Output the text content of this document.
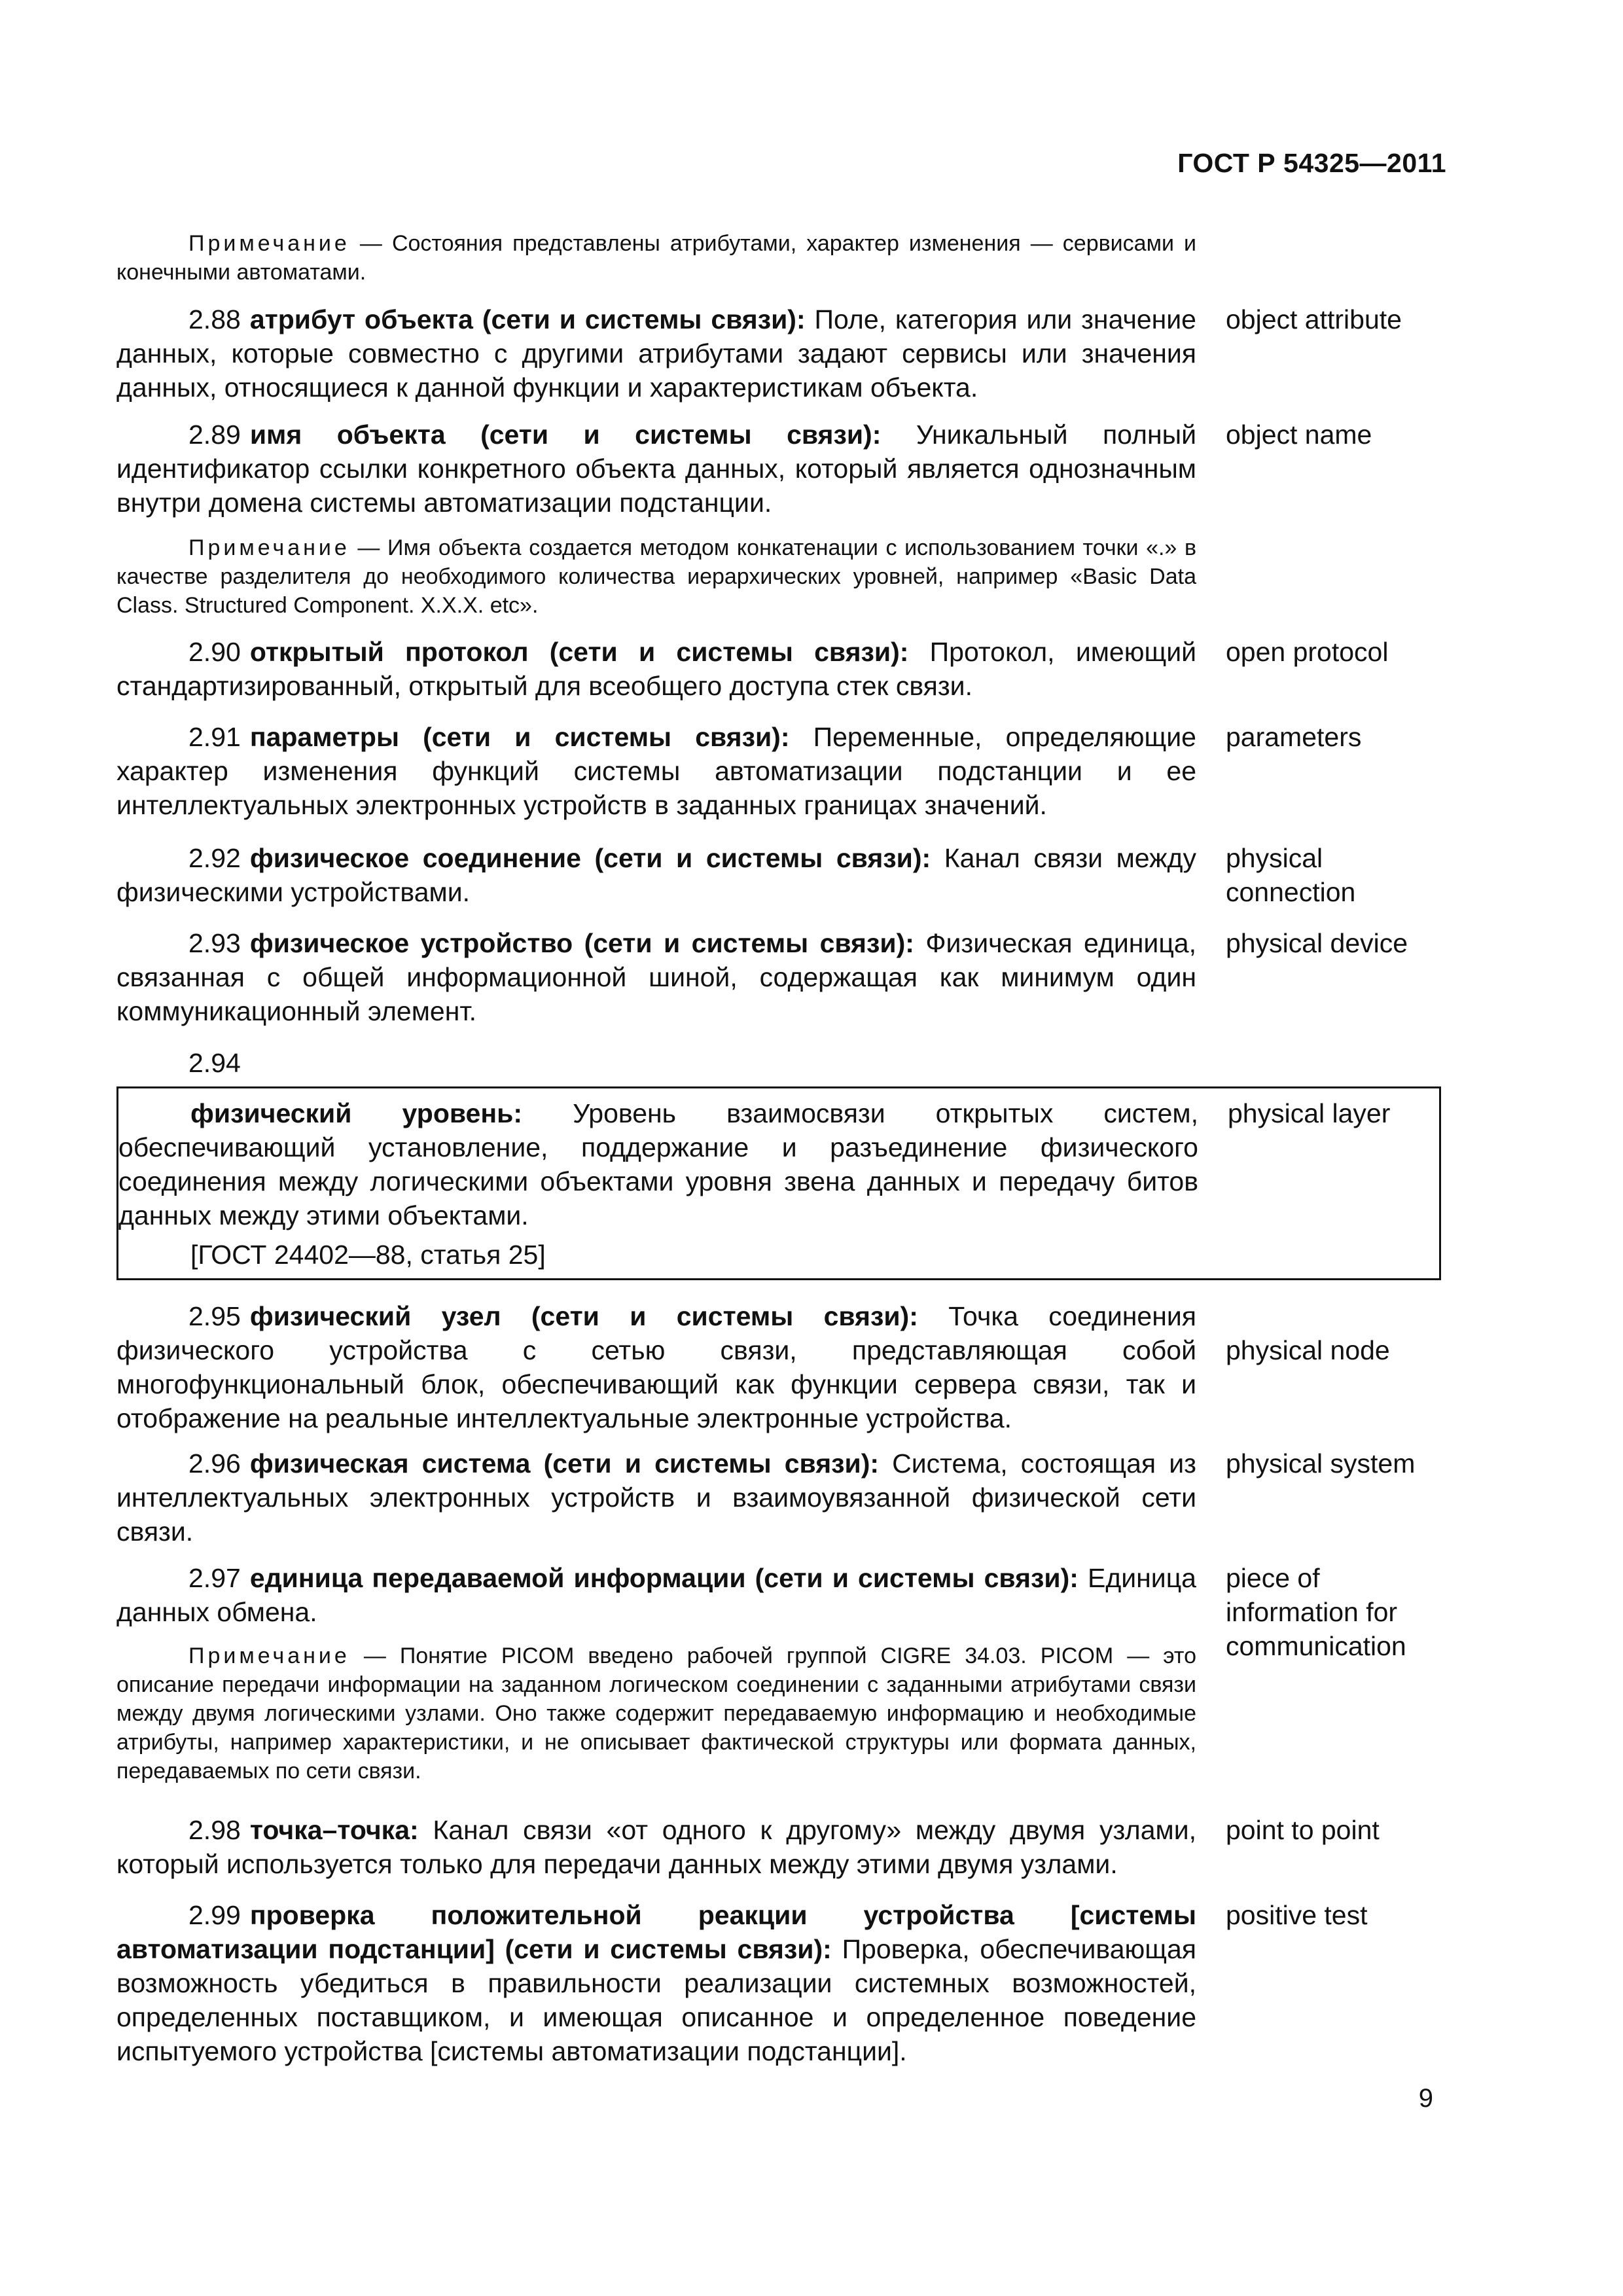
ГОСТ Р 54325—2011

Примечание — Состояния представлены атрибутами, характер изменения — сервисами и конечными автоматами.

2.88 атрибут объекта (сети и системы связи): Поле, категория или значение данных, которые совместно с другими атрибутами задают сервисы или значения данных, относящиеся к данной функции и характеристикам объекта.

object attribute

2.89 имя объекта (сети и системы связи): Уникальный полный идентификатор ссылки конкретного объекта данных, который является однозначным внутри домена системы автоматизации подстанции.

object name

Примечание — Имя объекта создается методом конкатенации с использованием точки «.» в качестве разделителя до необходимого количества иерархических уровней, например «Basic Data Class. Structured Component. X.X.X. etc».

2.90 открытый протокол (сети и системы связи): Протокол, имеющий стандартизированный, открытый для всеобщего доступа стек связи.

open protocol

2.91 параметры (сети и системы связи): Переменные, определяющие характер изменения функций системы автоматизации подстанции и ее интеллектуальных электронных устройств в заданных границах значений.

parameters

2.92 физическое соединение (сети и системы связи): Канал связи между физическими устройствами.

physical connection

2.93 физическое устройство (сети и системы связи): Физическая единица, связанная с общей информационной шиной, содержащая как минимум один коммуникационный элемент.

physical device

2.94

физический уровень: Уровень взаимосвязи открытых систем, обеспечивающий установление, поддержание и разъединение физического соединения между логическими объектами уровня звена данных и передачу битов данных между этими объектами.
[ГОСТ 24402—88, статья 25]

physical layer

2.95 физический узел (сети и системы связи): Точка соединения физического устройства с сетью связи, представляющая собой многофункциональный блок, обеспечивающий как функции сервера связи, так и отображение на реальные интеллектуальные электронные устройства.

physical node

2.96 физическая система (сети и системы связи): Система, состоящая из интеллектуальных электронных устройств и взаимоувязанной физической сети связи.

physical system

2.97 единица передаваемой информации (сети и системы связи): Единица данных обмена.

piece of information for communication

Примечание — Понятие PICOM введено рабочей группой CIGRE 34.03. PICOM — это описание передачи информации на заданном логическом соединении с заданными атрибутами связи между двумя логическими узлами. Оно также содержит передаваемую информацию и необходимые атрибуты, например характеристики, и не описывает фактической структуры или формата данных, передаваемых по сети связи.

2.98 точка–точка: Канал связи «от одного к другому» между двумя узлами, который используется только для передачи данных между этими двумя узлами.

point to point

2.99 проверка положительной реакции устройства [системы автоматизации подстанции] (сети и системы связи): Проверка, обеспечивающая возможность убедиться в правильности реализации системных возможностей, определенных поставщиком, и имеющая описанное и определенное поведение испытуемого устройства [системы автоматизации подстанции].

positive test
9
